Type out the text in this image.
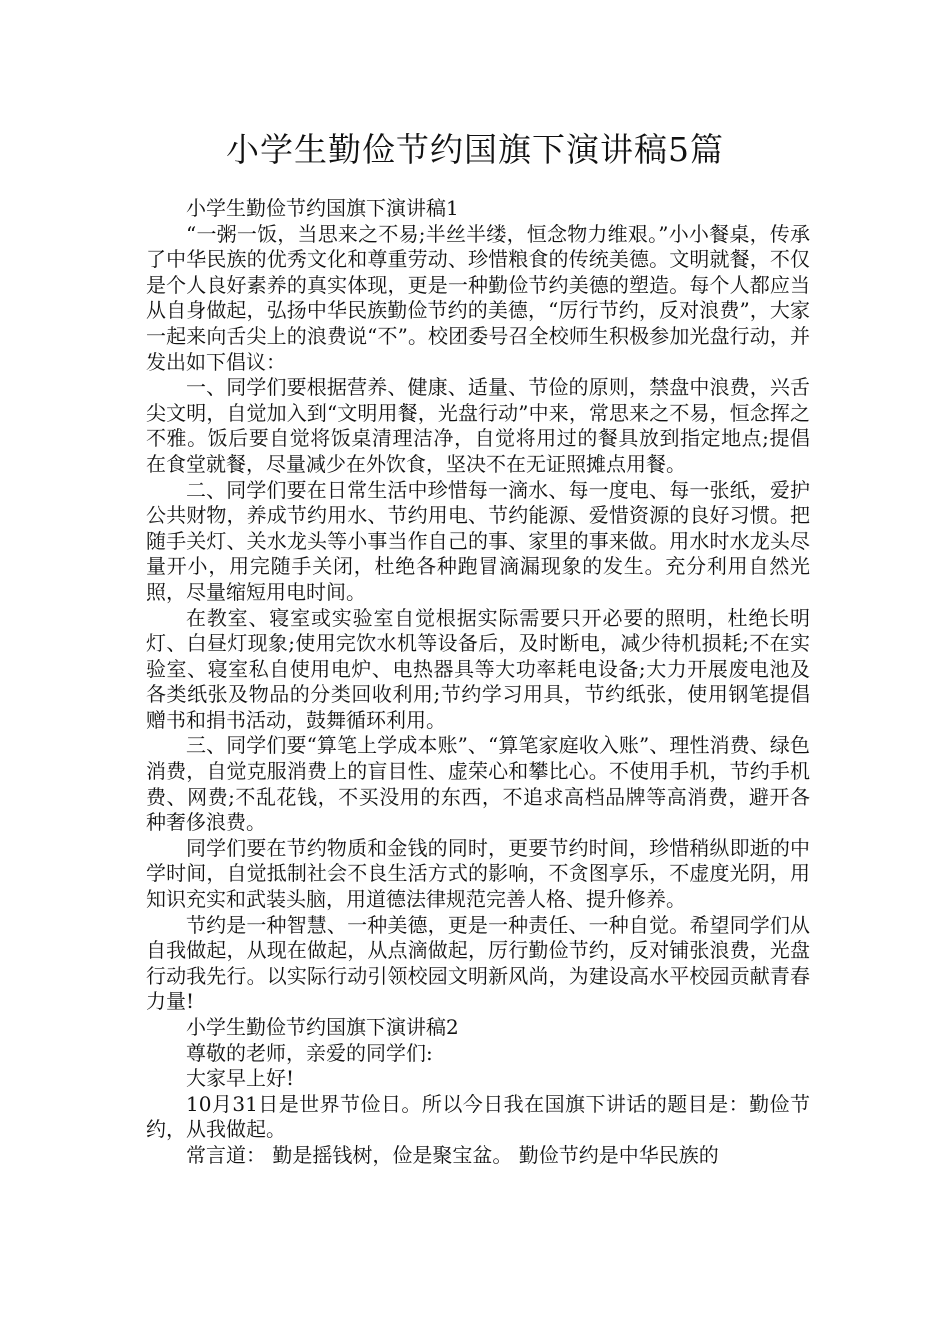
小学生勤俭节约国旗下演讲稿5篇

小学生勤俭节约国旗下演讲稿1

“一粥一饭，当思来之不易;半丝半缕，恒念物力维艰。”小小餐桌，传承了中华民族的优秀文化和尊重劳动、珍惜粮食的传统美德。文明就餐，不仅是个人良好素养的真实体现，更是一种勤俭节约美德的塑造。每个人都应当从自身做起，弘扬中华民族勤俭节约的美德，“厉行节约，反对浪费”，大家一起来向舌尖上的浪费说“不”。校团委号召全校师生积极参加光盘行动，并发出如下倡议：

一、同学们要根据营养、健康、适量、节俭的原则，禁盘中浪费，兴舌尖文明，自觉加入到“文明用餐，光盘行动”中来，常思来之不易，恒念挥之不雅。饭后要自觉将饭桌清理洁净，自觉将用过的餐具放到指定地点;提倡在食堂就餐，尽量减少在外饮食，坚决不在无证照摊点用餐。

二、同学们要在日常生活中珍惜每一滴水、每一度电、每一张纸，爱护公共财物，养成节约用水、节约用电、节约能源、爱惜资源的良好习惯。把随手关灯、关水龙头等小事当作自己的事、家里的事来做。用水时水龙头尽量开小，用完随手关闭，杜绝各种跑冒滴漏现象的发生。充分利用自然光照，尽量缩短用电时间。

在教室、寝室或实验室自觉根据实际需要只开必要的照明，杜绝长明灯、白昼灯现象;使用完饮水机等设备后，及时断电，减少待机损耗;不在实验室、寝室私自使用电炉、电热器具等大功率耗电设备;大力开展废电池及各类纸张及物品的分类回收利用;节约学习用具，节约纸张，使用钢笔提倡赠书和捐书活动，鼓舞循环利用。

三、同学们要“算笔上学成本账”、“算笔家庭收入账”、理性消费、绿色消费，自觉克服消费上的盲目性、虚荣心和攀比心。不使用手机，节约手机费、网费;不乱花钱，不买没用的东西，不追求高档品牌等高消费，避开各种奢侈浪费。

同学们要在节约物质和金钱的同时，更要节约时间，珍惜稍纵即逝的中学时间，自觉抵制社会不良生活方式的影响，不贪图享乐，不虚度光阴，用知识充实和武装头脑，用道德法律规范完善人格、提升修养。

节约是一种智慧、一种美德，更是一种责任、一种自觉。希望同学们从自我做起，从现在做起，从点滴做起，厉行勤俭节约，反对铺张浪费，光盘行动我先行。以实际行动引领校园文明新风尚，为建设高水平校园贡献青春力量!

小学生勤俭节约国旗下演讲稿2

尊敬的老师，亲爱的同学们:

大家早上好!

10月31日是世界节俭日。所以今日我在国旗下讲话的题目是：勤俭节约，从我做起。

常言道： 勤是摇钱树，俭是聚宝盆。 勤俭节约是中华民族的
